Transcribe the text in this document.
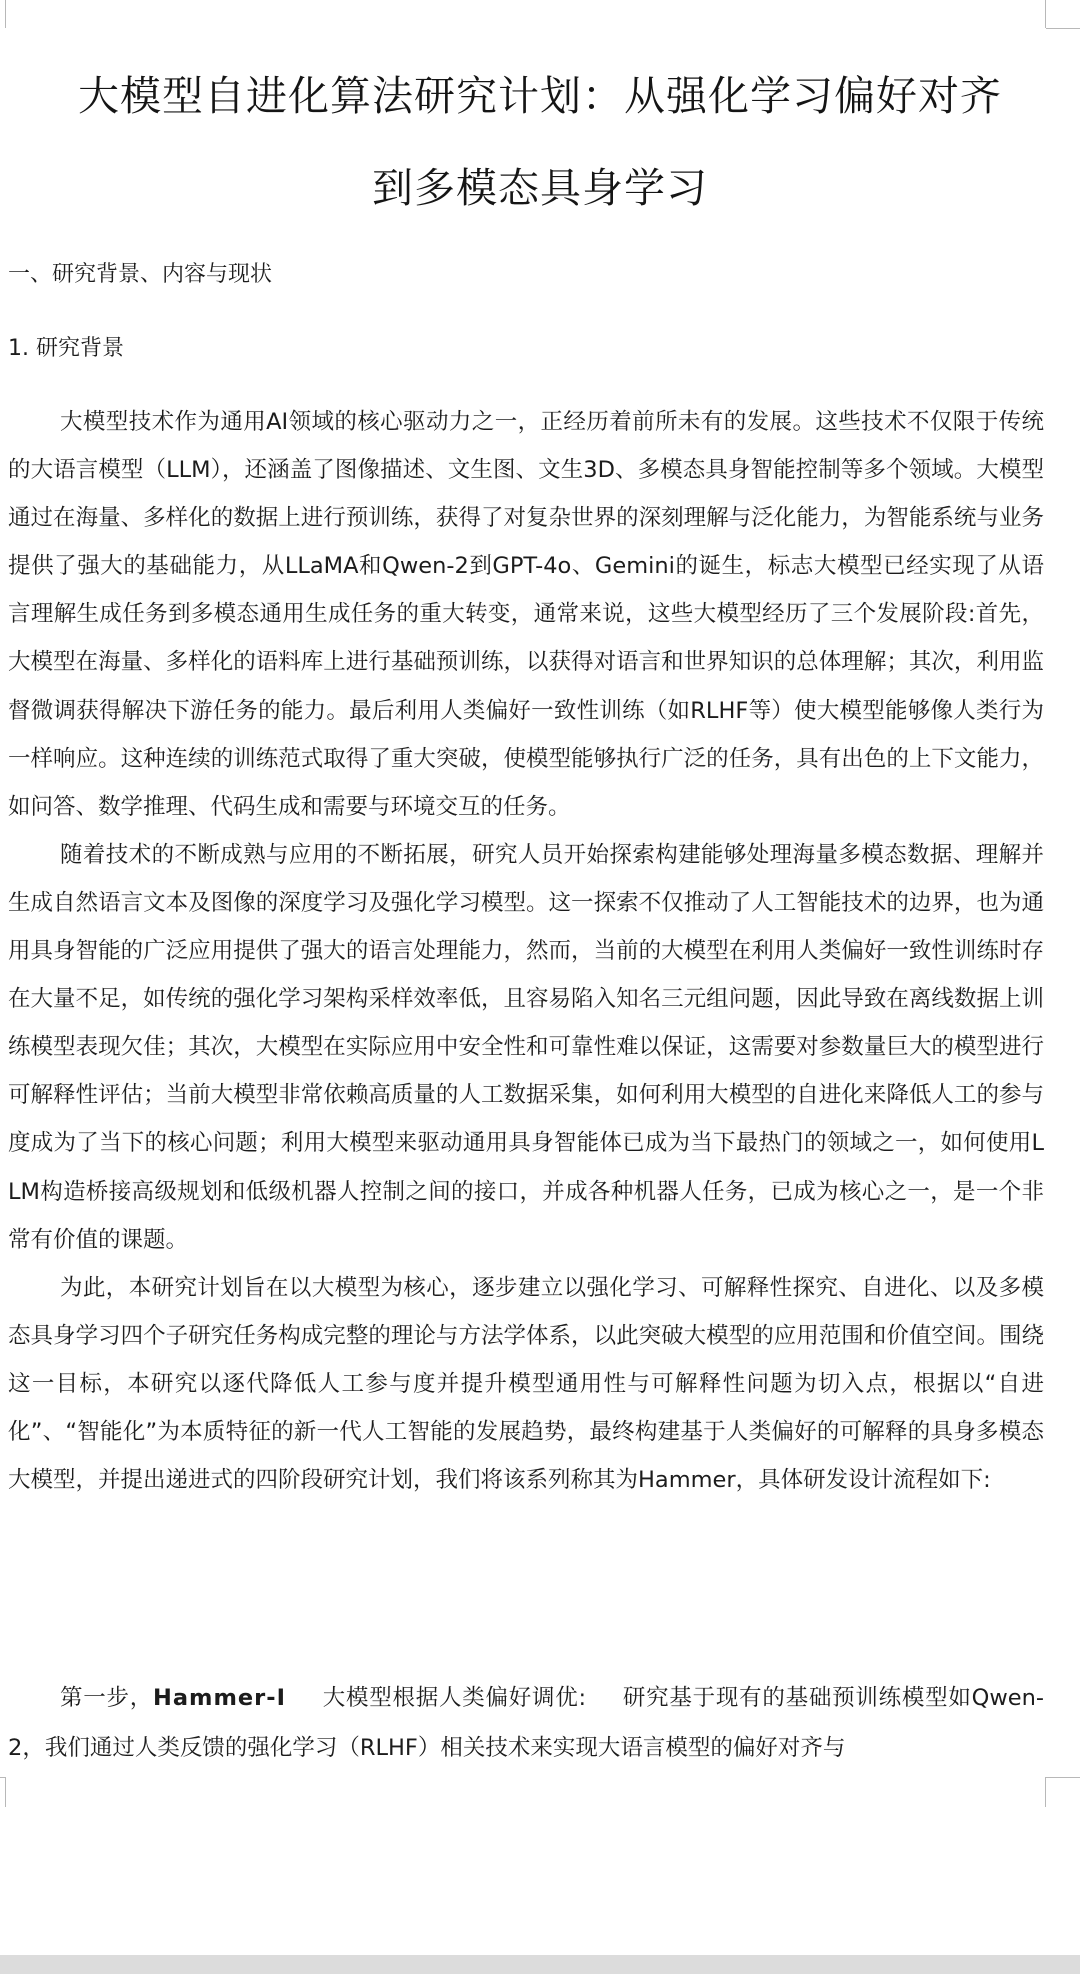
大模型自进化算法研究计划：从强化学习偏好对齐
到多模态具身学习
一、研究背景、内容与现状
1. 研究背景

大模型技术作为通用AI领域的核心驱动力之一，正经历着前所未有的发展。这些技术不仅限于传统的大语言模型（LLM），还涵盖了图像描述、文生图、文生3D、多模态具身智能控制等多个领域。大模型通过在海量、多样化的数据上进行预训练，获得了对复杂世界的深刻理解与泛化能力，为智能系统与业务提供了强大的基础能力，从LLaMA和Qwen-2到GPT-4o、Gemini的诞生，标志大模型已经实现了从语言理解生成任务到多模态通用生成任务的重大转变，通常来说，这些大模型经历了三个发展阶段:首先，大模型在海量、多样化的语料库上进行基础预训练，以获得对语言和世界知识的总体理解；其次，利用监督微调获得解决下游任务的能力。最后利用人类偏好一致性训练（如RLHF等）使大模型能够像人类行为一样响应。这种连续的训练范式取得了重大突破，使模型能够执行广泛的任务，具有出色的上下文能力，如问答、数学推理、代码生成和需要与环境交互的任务。

随着技术的不断成熟与应用的不断拓展，研究人员开始探索构建能够处理海量多模态数据、理解并生成自然语言文本及图像的深度学习及强化学习模型。这一探索不仅推动了人工智能技术的边界，也为通用具身智能的广泛应用提供了强大的语言处理能力，然而，当前的大模型在利用人类偏好一致性训练时存在大量不足，如传统的强化学习架构采样效率低，且容易陷入知名三元组问题，因此导致在离线数据上训练模型表现欠佳；其次，大模型在实际应用中安全性和可靠性难以保证，这需要对参数量巨大的模型进行可解释性评估；当前大模型非常依赖高质量的人工数据采集，如何利用大模型的自进化来降低人工的参与度成为了当下的核心问题；利用大模型来驱动通用具身智能体已成为当下最热门的领域之一，如何使用LLM构造桥接高级规划和低级机器人控制之间的接口，并成各种机器人任务，已成为核心之一，是一个非常有价值的课题。

为此，本研究计划旨在以大模型为核心，逐步建立以强化学习、可解释性探究、自进化、以及多模态具身学习四个子研究任务构成完整的理论与方法学体系，以此突破大模型的应用范围和价值空间。围绕这一目标，本研究以逐代降低人工参与度并提升模型通用性与可解释性问题为切入点，根据以“自进化”、“智能化”为本质特征的新一代人工智能的发展趋势，最终构建基于人类偏好的可解释的具身多模态大模型，并提出递进式的四阶段研究计划，我们将该系列称其为Hammer，具体研发设计流程如下:

第一步，Hammer-I 大模型根据人类偏好调优: 研究基于现有的基础预训练模型如Qwen-2，我们通过人类反馈的强化学习（RLHF）相关技术来实现大语言模型的偏好对齐与
